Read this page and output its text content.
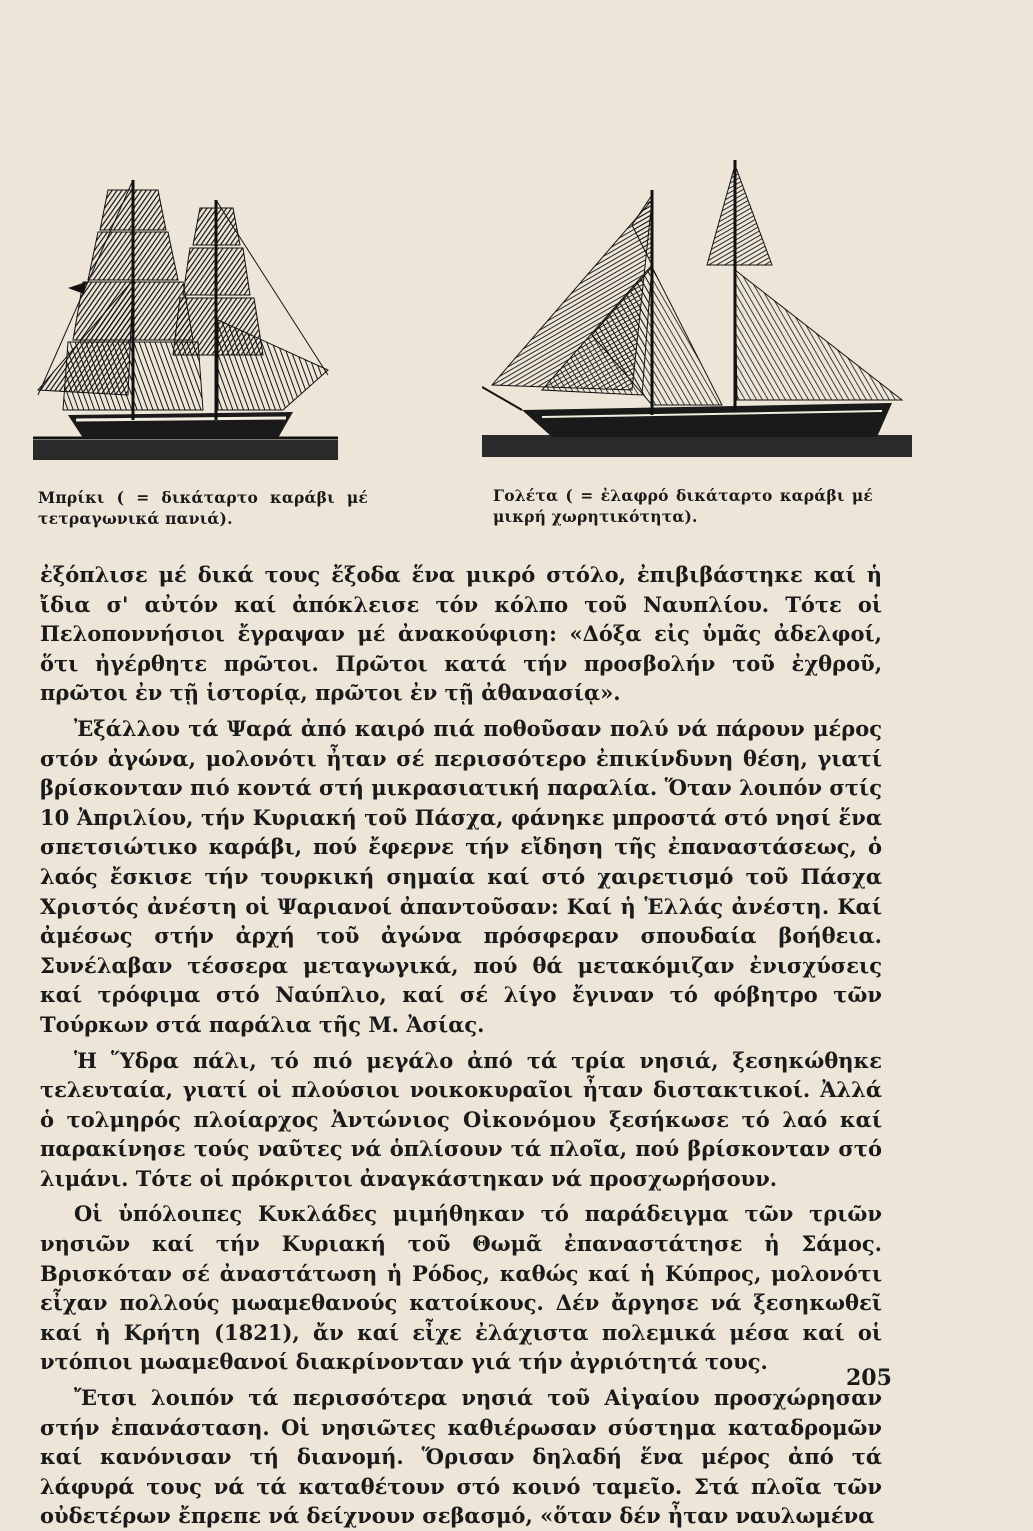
Μπρίκι ( = δικάταρτο καράβι μέ τετραγωνικά πανιά).
Γολέτα ( = ἐλαφρό δικάταρτο καράβι μέ μικρή χωρητικότητα).

ἐξόπλισε μέ δικά τους ἔξοδα ἕνα μικρό στόλο, ἐπιβιβάστηκε καί ἡ ἴδια σ' αὐτόν καί ἀπόκλεισε τόν κόλπο τοῦ Ναυπλίου. Τότε οἱ Πελοποννήσιοι ἔγραψαν μέ ἀνακούφιση: «Δόξα εἰς ὑμᾶς ἀδελφοί, ὅτι ἠγέρθητε πρῶτοι. Πρῶτοι κατά τήν προσβολήν τοῦ ἐχθροῦ, πρῶτοι ἐν τῇ ἱστορίᾳ, πρῶτοι ἐν τῇ ἀθανασίᾳ».

Ἐξάλλου τά Ψαρά ἀπό καιρό πιά ποθοῦσαν πολύ νά πάρουν μέρος στόν ἀγώνα, μολονότι ἦταν σέ περισσότερο ἐπικίνδυνη θέση, γιατί βρίσκονταν πιό κοντά στή μικρασιατική παραλία. Ὅταν λοιπόν στίς 10 Ἀπριλίου, τήν Κυριακή τοῦ Πάσχα, φάνηκε μπροστά στό νησί ἕνα σπετσιώτικο καράβι, πού ἔφερνε τήν εἴδηση τῆς ἐπαναστάσεως, ὁ λαός ἔσκισε τήν τουρκική σημαία καί στό χαιρετισμό τοῦ Πάσχα Χριστός ἀνέστη οἱ Ψαριανοί ἀπαντοῦσαν: Καί ἡ Ἑλλάς ἀνέστη. Καί ἀμέσως στήν ἀρχή τοῦ ἀγώνα πρόσφεραν σπουδαία βοήθεια. Συνέλαβαν τέσσερα μεταγωγικά, πού θά μετακόμιζαν ἐνισχύσεις καί τρόφιμα στό Ναύπλιο, καί σέ λίγο ἔγιναν τό φόβητρο τῶν Τούρκων στά παράλια τῆς Μ. Ἀσίας.

Ἡ Ὕδρα πάλι, τό πιό μεγάλο ἀπό τά τρία νησιά, ξεσηκώθηκε τελευταία, γιατί οἱ πλούσιοι νοικοκυραῖοι ἦταν διστακτικοί. Ἀλλά ὁ τολμηρός πλοίαρχος Ἀντώνιος Οἰκονόμου ξεσήκωσε τό λαό καί παρακίνησε τούς ναῦτες νά ὁπλίσουν τά πλοῖα, πού βρίσκονταν στό λιμάνι. Τότε οἱ πρόκριτοι ἀναγκάστηκαν νά προσχωρήσουν.

Οἱ ὑπόλοιπες Κυκλάδες μιμήθηκαν τό παράδειγμα τῶν τριῶν νησιῶν καί τήν Κυριακή τοῦ Θωμᾶ ἐπαναστάτησε ἡ Σάμος. Βρισκόταν σέ ἀναστάτωση ἡ Ρόδος, καθώς καί ἡ Κύπρος, μολονότι εἶχαν πολλούς μωαμεθανούς κατοίκους. Δέν ἄργησε νά ξεσηκωθεῖ καί ἡ Κρήτη (1821), ἄν καί εἶχε ἐλάχιστα πολεμικά μέσα καί οἱ ντόπιοι μωαμεθανοί διακρίνονταν γιά τήν ἀγριότητά τους.

Ἔτσι λοιπόν τά περισσότερα νησιά τοῦ Αἰγαίου προσχώρησαν στήν ἐπανάσταση. Οἱ νησιῶτες καθιέρωσαν σύστημα καταδρομῶν καί κανόνισαν τή διανομή. Ὅρισαν δηλαδή ἕνα μέρος ἀπό τά λάφυρά τους νά τά καταθέτουν στό κοινό ταμεῖο. Στά πλοῖα τῶν οὐδετέρων ἔπρεπε νά δείχνουν σεβασμό, «ὅταν δέν ἦταν ναυλωμένα

205
